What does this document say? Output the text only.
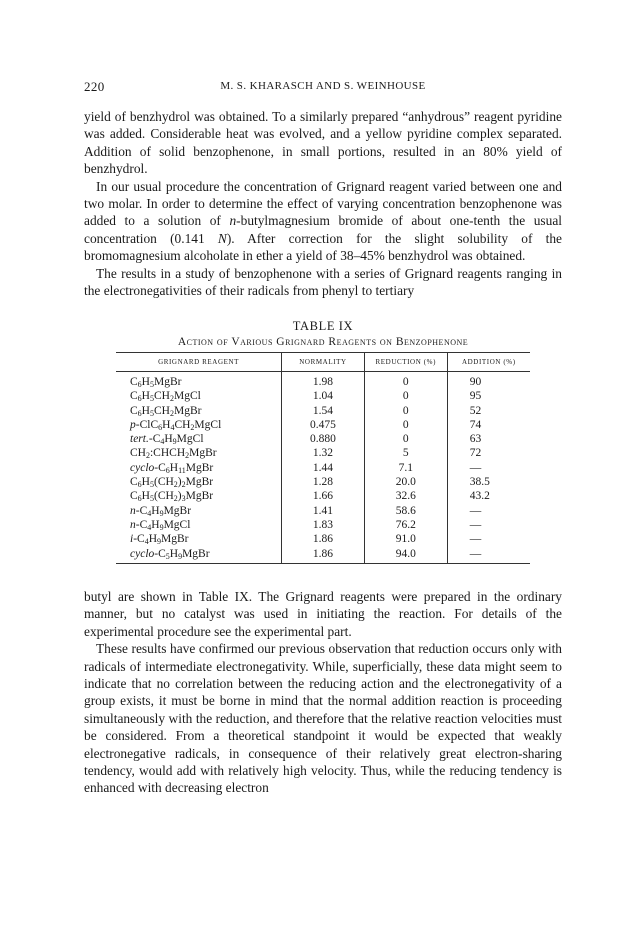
220	M. S. KHARASCH AND S. WEINHOUSE

yield of benzhydrol was obtained. To a similarly prepared “anhydrous” reagent pyridine was added. Considerable heat was evolved, and a yellow pyridine complex separated. Addition of solid benzophenone, in small portions, resulted in an 80% yield of benzhydrol.

In our usual procedure the concentration of Grignard reagent varied between one and two molar. In order to determine the effect of varying concentration benzophenone was added to a solution of n-butylmagnesium bromide of about one-tenth the usual concentration (0.141 N). After correction for the slight solubility of the bromomagnesium alcoholate in ether a yield of 38–45% benzhydrol was obtained.

The results in a study of benzophenone with a series of Grignard reagents ranging in the electronegativities of their radicals from phenyl to tertiary

TABLE IX
Action of Various Grignard Reagents on Benzophenone
GRIGNARD REAGENT	NORMALITY	REDUCTION (%)	ADDITION (%)
$C_6H_5MgBr$	1.98	0	90
$C_6H_5CH_2MgCl$	1.04	0	95
$C_6H_5CH_2MgBr$	1.54	0	52
$p-ClC_6H_4CH_2MgCl$	0.475	0	74
$tert.-C_4H_9MgCl$	0.880	0	63
$CH_2:CHCH_2MgBr$	1.32	5	72
cyclo-$C_6H_{11}MgBr$	1.44	7.1	—
$C_6H_5(CH_2)_2MgBr$	1.28	20.0	38.5
$C_6H_5(CH_2)_3MgBr$	1.66	32.6	43.2
$n-C_4H_9MgBr$	1.41	58.6	—
$n-C_4H_9MgCl$	1.83	76.2	—
$i-C_4H_9MgBr$	1.86	91.0	—
cyclo-$C_5H_9MgBr$	1.86	94.0	—

butyl are shown in Table IX. The Grignard reagents were prepared in the ordinary manner, but no catalyst was used in initiating the reaction. For details of the experimental procedure see the experimental part.

These results have confirmed our previous observation that reduction occurs only with radicals of intermediate electronegativity. While, superficially, these data might seem to indicate that no correlation between the reducing action and the electronegativity of a group exists, it must be borne in mind that the normal addition reaction is proceeding simultaneously with the reduction, and therefore that the relative reaction velocities must be considered. From a theoretical standpoint it would be expected that weakly electronegative radicals, in consequence of their relatively great electron-sharing tendency, would add with relatively high velocity. Thus, while the reducing tendency is enhanced with decreasing electron
